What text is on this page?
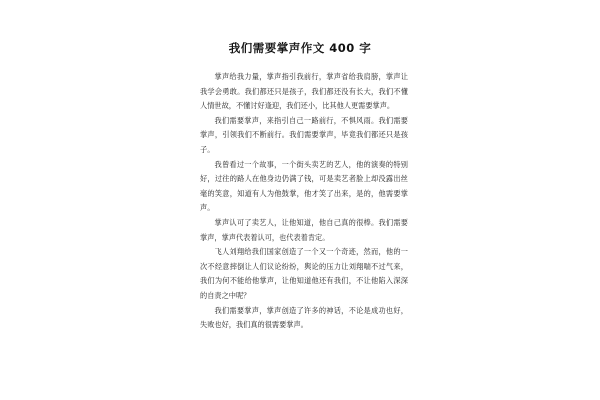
我们需要掌声作文 400 字

掌声给我力量，掌声指引我前行，掌声省给我肩膀，掌声让我学会勇敢。我们都还只是孩子，我们都还没有长大，我们不懂人情世故，不懂讨好逢迎，我们还小，比其他人更需要掌声。

我们需要掌声，来指引自己一路前行，不惧风雨。我们需要掌声，引领我们不断前行。我们需要掌声，毕竟我们都还只是孩子。

我曾看过一个故事，一个街头卖艺的艺人，他的演奏的特别好，过往的路人在他身边仍满了钱，可是卖艺者脸上却没露出丝毫的笑意，知道有人为他鼓掌，他才笑了出来，是的，他需要掌声。

掌声认可了卖艺人，让他知道，他自己真的很棒。我们需要掌声，掌声代表着认可，也代表着肯定。

飞人刘翔给我们国家创造了一个又一个奇迹，然而，他的一次不经意摔倒让人们议论纷纷，舆论的压力让刘翔喘不过气来，我们为何不能给他掌声，让他知道他还有我们，不让他陷入深深的自责之中呢？

我们需要掌声，掌声创造了许多的神话，不论是成功也好，失败也好，我们真的很需要掌声。
